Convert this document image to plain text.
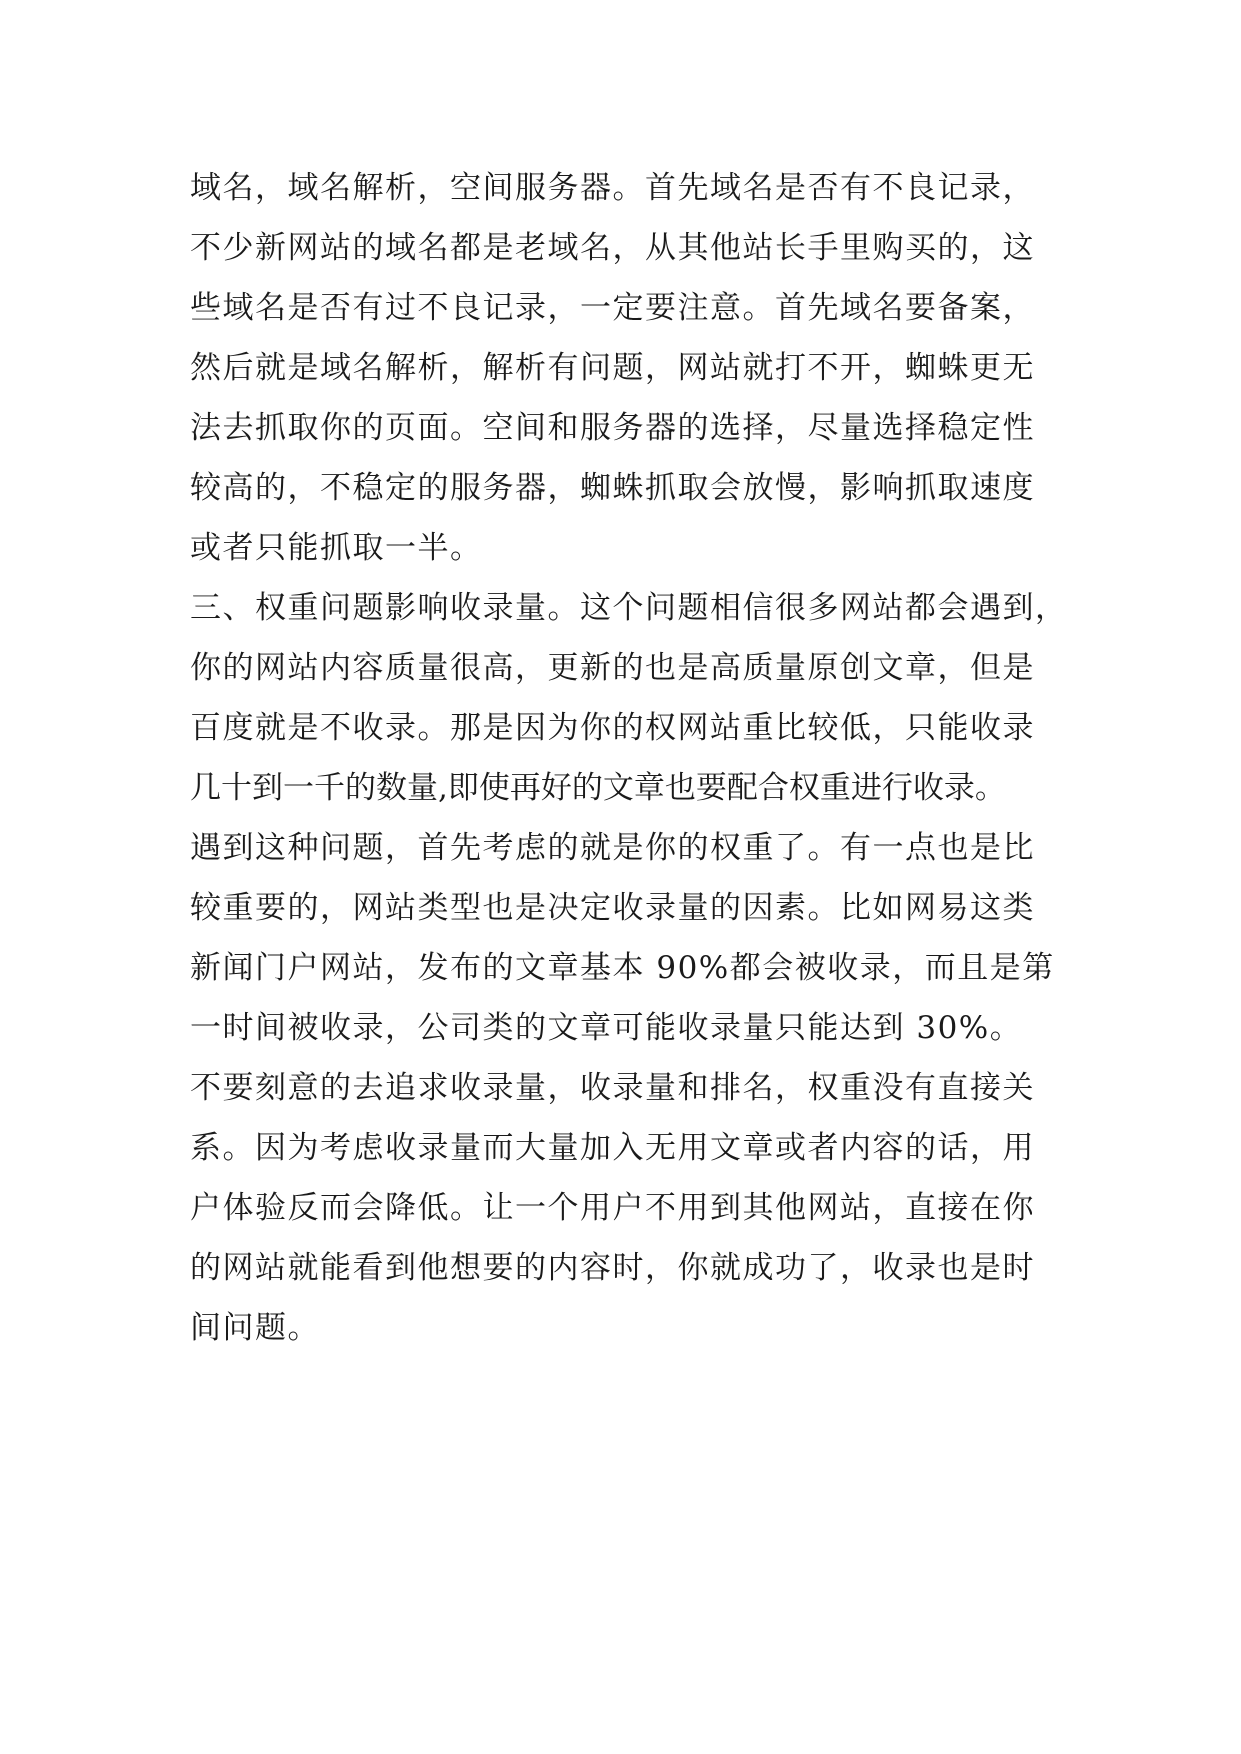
域名，域名解析，空间服务器。首先域名是否有不良记录，
不少新网站的域名都是老域名，从其他站长手里购买的，这
些域名是否有过不良记录，一定要注意。首先域名要备案，
然后就是域名解析，解析有问题，网站就打不开，蜘蛛更无
法去抓取你的页面。空间和服务器的选择，尽量选择稳定性
较高的，不稳定的服务器，蜘蛛抓取会放慢，影响抓取速度
或者只能抓取一半。
三、权重问题影响收录量。这个问题相信很多网站都会遇到，
你的网站内容质量很高，更新的也是高质量原创文章，但是
百度就是不收录。那是因为你的权网站重比较低，只能收录
几十到一千的数量,即使再好的文章也要配合权重进行收录。
遇到这种问题，首先考虑的就是你的权重了。有一点也是比
较重要的，网站类型也是决定收录量的因素。比如网易这类
新闻门户网站，发布的文章基本 90%都会被收录，而且是第
一时间被收录，公司类的文章可能收录量只能达到 30%。
不要刻意的去追求收录量，收录量和排名，权重没有直接关
系。因为考虑收录量而大量加入无用文章或者内容的话，用
户体验反而会降低。让一个用户不用到其他网站，直接在你
的网站就能看到他想要的内容时，你就成功了，收录也是时
间问题。
